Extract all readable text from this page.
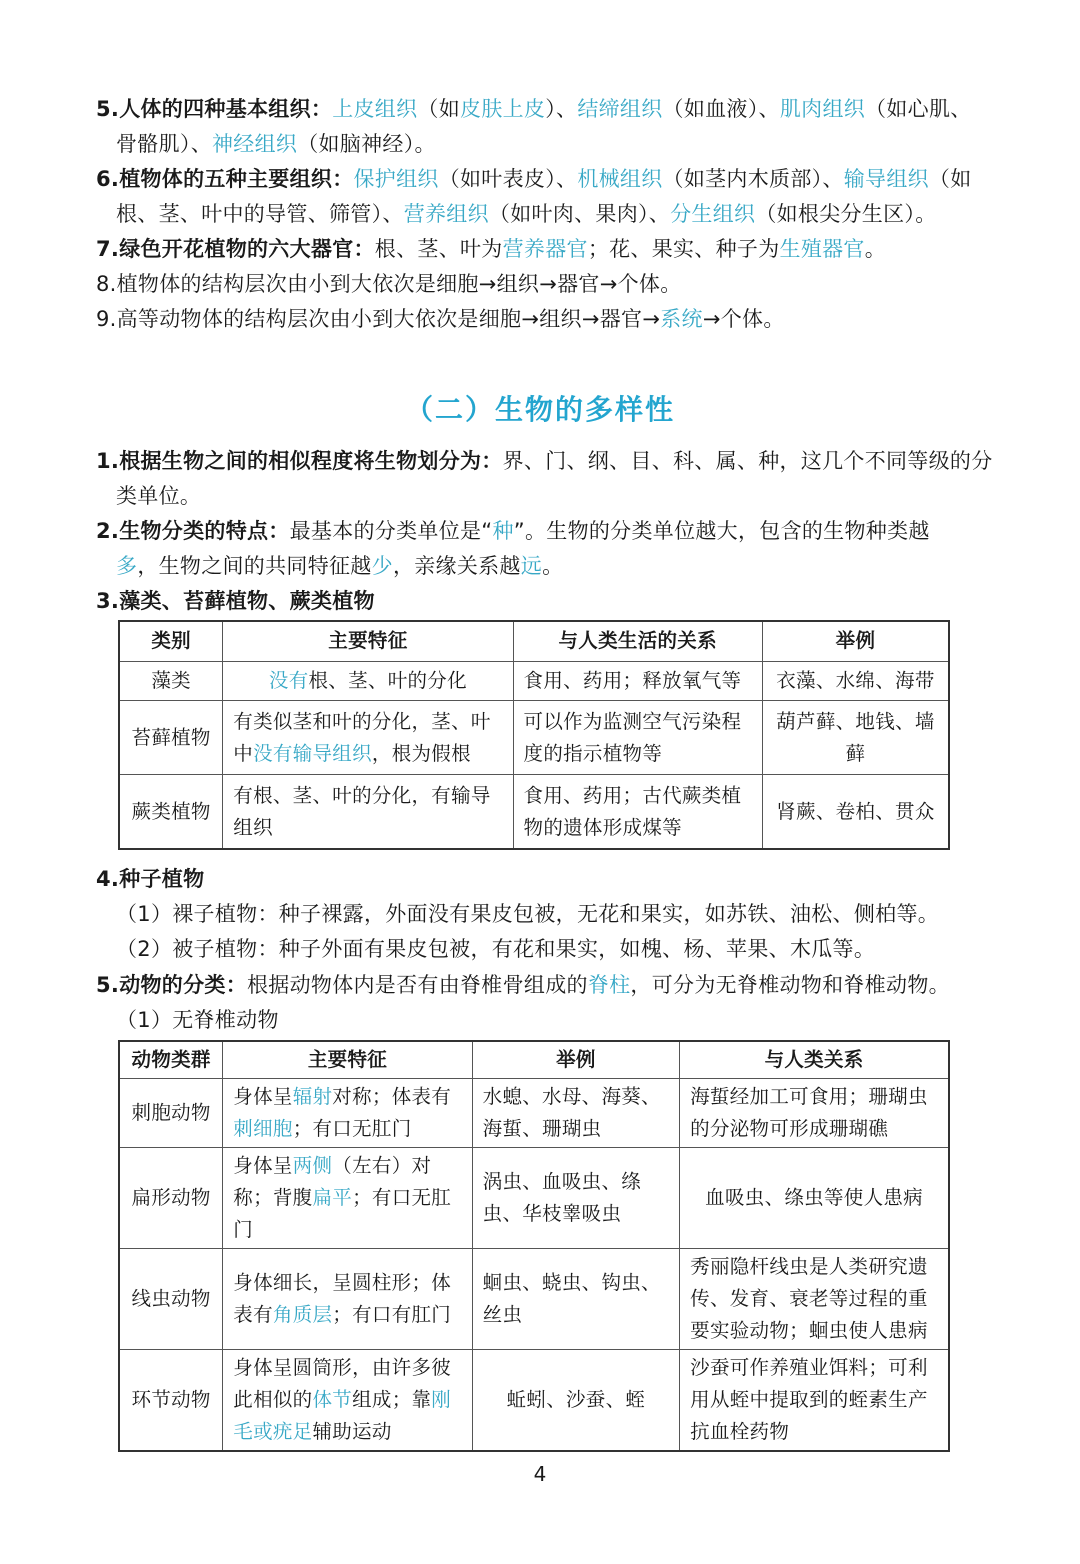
5.人体的四种基本组织：上皮组织（如皮肤上皮）、结缔组织（如血液）、肌肉组织（如心肌、
骨骼肌）、神经组织（如脑神经）。
6.植物体的五种主要组织：保护组织（如叶表皮）、机械组织（如茎内木质部）、输导组织（如
根、茎、叶中的导管、筛管）、营养组织（如叶肉、果肉）、分生组织（如根尖分生区）。
7.绿色开花植物的六大器官：根、茎、叶为营养器官；花、果实、种子为生殖器官。
8.植物体的结构层次由小到大依次是细胞→组织→器官→个体。
9.高等动物体的结构层次由小到大依次是细胞→组织→器官→系统→个体。
（二）生物的多样性
1.根据生物之间的相似程度将生物划分为：界、门、纲、目、科、属、种，这几个不同等级的分
类单位。
2.生物分类的特点：最基本的分类单位是“种”。生物的分类单位越大，包含的生物种类越
多，生物之间的共同特征越少，亲缘关系越远。
3.藻类、苔藓植物、蕨类植物
类别	主要特征	与人类生活的关系	举例
藻类	没有根、茎、叶的分化	食用、药用；释放氧气等	衣藻、水绵、海带
苔藓植物	有类似茎和叶的分化，茎、叶中没有输导组织，根为假根	可以作为监测空气污染程度的指示植物等	葫芦藓、地钱、墙藓
蕨类植物	有根、茎、叶的分化，有输导组织	食用、药用；古代蕨类植物的遗体形成煤等	肾蕨、卷柏、贯众
4.种子植物
（1）裸子植物：种子裸露，外面没有果皮包被，无花和果实，如苏铁、油松、侧柏等。
（2）被子植物：种子外面有果皮包被，有花和果实，如槐、杨、苹果、木瓜等。
5.动物的分类：根据动物体内是否有由脊椎骨组成的脊柱，可分为无脊椎动物和脊椎动物。
（1）无脊椎动物
动物类群	主要特征	举例	与人类关系
刺胞动物	身体呈辐射对称；体表有刺细胞；有口无肛门	水螅、水母、海葵、海蜇、珊瑚虫	海蜇经加工可食用；珊瑚虫的分泌物可形成珊瑚礁
扁形动物	身体呈两侧（左右）对称；背腹扁平；有口无肛门	涡虫、血吸虫、绦虫、华枝睾吸虫	血吸虫、绦虫等使人患病
线虫动物	身体细长，呈圆柱形；体表有角质层；有口有肛门	蛔虫、蛲虫、钩虫、丝虫	秀丽隐杆线虫是人类研究遗传、发育、衰老等过程的重要实验动物；蛔虫使人患病
环节动物	身体呈圆筒形，由许多彼此相似的体节组成；靠刚毛或疣足辅助运动	蚯蚓、沙蚕、蛭	沙蚕可作养殖业饵料；可利用从蛭中提取到的蛭素生产抗血栓药物
4
